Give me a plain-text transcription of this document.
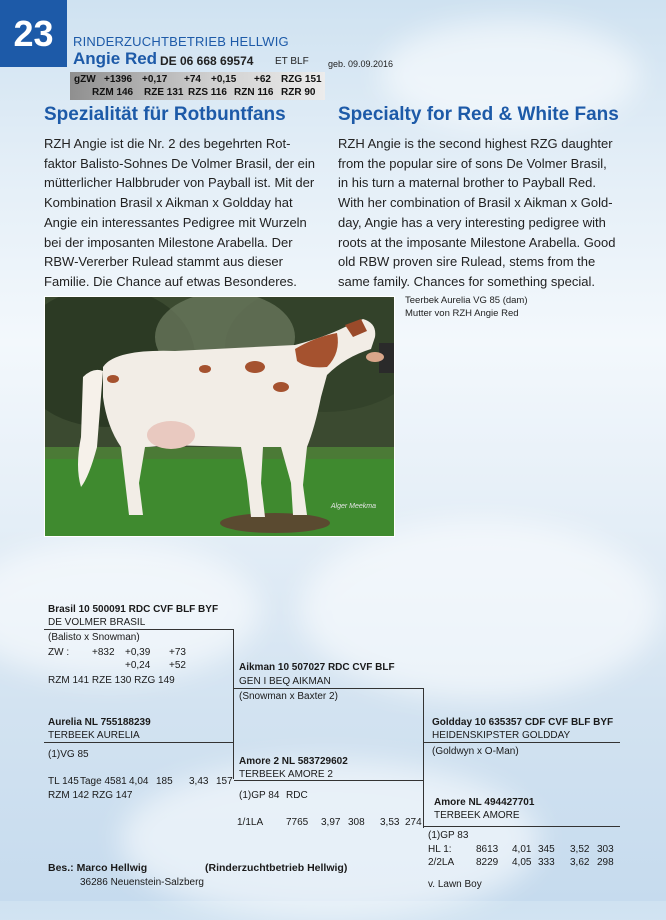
23	RINDERZUCHTBETRIEB HELLWIG
Angie Red DE 06 668 69574 ET BLF geb. 09.09.2016
gZW +1396 +0,17 +74 +0,15 +62 RZG 151
RZM 146 RZE 131 RZS 116 RZN 116 RZR 90
Spezialität für Rotbuntfans

RZH Angie ist die Nr. 2 des begehrten Rot-

faktor Balisto-Sohnes De Volmer Brasil, der ein

mütterlicher Halbbruder von Payball ist. Mit der

Kombination Brasil x Aikman x Goldday hat

Angie ein interessantes Pedigree mit Wurzeln

bei der imposanten Milestone Arabella. Der

RBW-Vererber Rulead stammt aus dieser

Familie. Die Chance auf etwas Besonderes.

Specialty for Red & White Fans

RZH Angie is the second highest RZG daughter

from the popular sire of sons De Volmer Brasil,

in his turn a maternal brother to Payball Red.

With her combination of Brasil x Aikman x Gold-

day, Angie has a very interesting pedigree with

roots at the imposante Milestone Arabella. Good

old RBW proven sire Rulead, stems from the

same family. Chances for something special.

Alger Meekma
Teerbek Aurelia VG 85 (dam)
Mutter von RZH Angie Red
Brasil 10 500091 RDC CVF BLF BYF
DE VOLMER BRASIL
(Balisto x Snowman)
ZW : +832 +0,39 +73
+0,24 +52
RZM 141 RZE 130 RZG 149
Aurelia NL 755188239
TERBEEK AURELIA
(1)VG 85
TL 145 Tage 4581 4,04 185 3,43 157
RZM 142 RZG 147
Aikman 10 507027 RDC CVF BLF
GEN I BEQ AIKMAN
(Snowman x Baxter 2)
Amore 2 NL 583729602
TERBEEK AMORE 2
(1)GP 84 RDC
1/1LA 7765 3,97 308 3,53 274
Goldday 10 635357 CDF CVF BLF BYF
HEIDENSKIPSTER GOLDDAY
(Goldwyn x O-Man)
Amore NL 494427701
TERBEEK AMORE
(1)GP 83
HL 1: 8613 4,01 345 3,52 303
2/2LA 8229 4,05 333 3,62 298
v. Lawn Boy
Bes.: Marco Hellwig	(Rinderzuchtbetrieb Hellwig)
36286 Neuenstein-Salzberg
